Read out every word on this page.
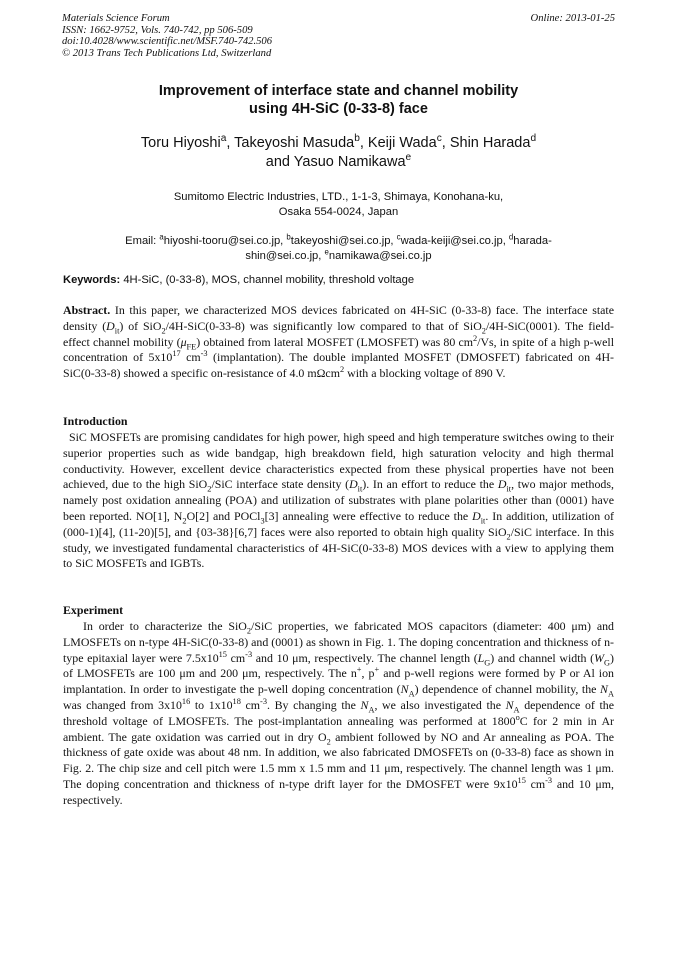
Materials Science Forum
ISSN: 1662-9752, Vols. 740-742, pp 506-509
doi:10.4028/www.scientific.net/MSF.740-742.506
© 2013 Trans Tech Publications Ltd, Switzerland
Online: 2013-01-25
Improvement of interface state and channel mobility
using 4H-SiC (0-33-8) face
Toru Hiyoshi$^a$, Takeyoshi Masuda$^b$, Keiji Wada$^c$, Shin Harada$^d$
and Yasuo Namikawa$^e$
Sumitomo Electric Industries, LTD., 1-1-3, Shimaya, Konohana-ku,
Osaka 554-0024, Japan
Email: $^a$hiyoshi-tooru@sei.co.jp, $^b$takeyoshi@sei.co.jp, $^c$wada-keiji@sei.co.jp, $^d$harada-
shin@sei.co.jp, $^e$namikawa@sei.co.jp
Keywords: 4H-SiC, (0-33-8), MOS, channel mobility, threshold voltage
Abstract. In this paper, we characterized MOS devices fabricated on 4H-SiC (0-33-8) face. The interface state density $(D_{it})$ of SiO$_2$/4H-SiC(0-33-8) was significantly low compared to that of SiO$_2$/4H-SiC(0001). The field-effect channel mobility $(\mu_{FE})$ obtained from lateral MOSFET (LMOSFET) was 80 $cm^2/Vs$, in spite of a high p-well concentration of $5x10^{17}$ $cm^{-3}$ (implantation). The double implanted MOSFET (DMOSFET) fabricated on 4H-SiC(0-33-8) showed a specific on-resistance of 4.0 mΩcm$^2$ with a blocking voltage of 890 V.
Introduction
SiC MOSFETs are promising candidates for high power, high speed and high temperature switches owing to their superior properties such as wide bandgap, high breakdown field, high saturation velocity and high thermal conductivity. However, excellent device characteristics expected from these physical properties have not been achieved, due to the high SiO$_2$/SiC interface state density $(D_{it})$. In an effort to reduce the $D_{it}$, two major methods, namely post oxidation annealing (POA) and utilization of substrates with plane polarities other than (0001) have been reported. NO[1], $N_2O[2]$ and POCl$_3$[3] annealing were effective to reduce the $D_{it}$. In addition, utilization of (000-1)[4], (11-20)[5], and {03-38}[6,7] faces were also reported to obtain high quality SiO$_2$/SiC interface. In this study, we investigated fundamental characteristics of 4H-SiC(0-33-8) MOS devices with a view to applying them to SiC MOSFETs and IGBTs.
Experiment
In order to characterize the SiO$_2$/SiC properties, we fabricated MOS capacitors (diameter: 400 μm) and LMOSFETs on n-type 4H-SiC(0-33-8) and (0001) as shown in Fig. 1. The doping concentration and thickness of n-type epitaxial layer were $7.5x10^{15}$ $cm^{-3}$ and 10 μm, respectively. The channel length $(L_G)$ and channel width $(W_G)$ of LMOSFETs are 100 μm and 200 μm, respectively. The n+, p+ and p-well regions were formed by P or Al ion implantation. In order to investigate the p-well doping concentration $(N_A)$ dependence of channel mobility, the $N_A$ was changed from $3x10^{16}$ to $1x10^{18}$ $cm^{-3}$. By changing the $N_A$, we also investigated the $N_A$ dependence of the threshold voltage of LMOSFETs. The post-implantation annealing was performed at 1800$^o$C for 2 min in Ar ambient. The gate oxidation was carried out in dry $O_2$ ambient followed by NO and Ar annealing as POA. The thickness of gate oxide was about 48 nm. In addition, we also fabricated DMOSFETs on (0-33-8) face as shown in Fig. 2. The chip size and cell pitch were 1.5 mm x 1.5 mm and 11 μm, respectively. The channel length was 1 μm. The doping concentration and thickness of n-type drift layer for the DMOSFET were $9x10^{15}$ $cm^{-3}$ and 10 μm, respectively.
